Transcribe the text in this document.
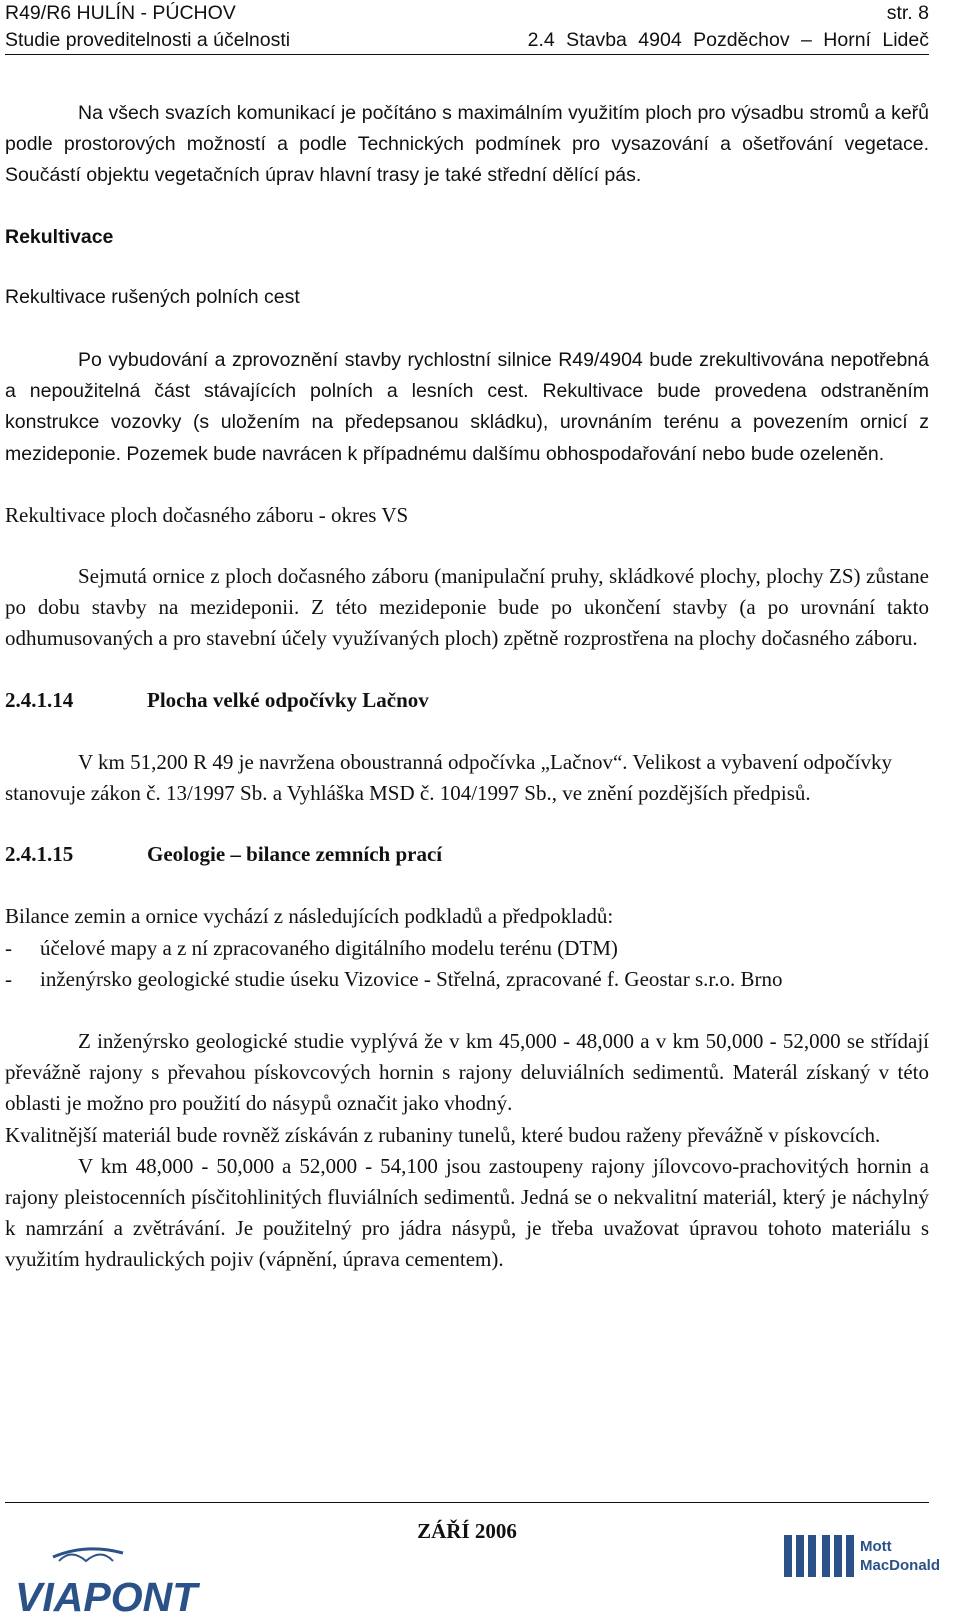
R49/R6 HULÍN - PÚCHOV	str. 8
Studie proveditelnosti a účelnosti	2.4 Stavba 4904 Pozděchov – Horní Lideč

Na všech svazích komunikací je počítáno s maximálním využitím ploch pro výsadbu stromů a keřů podle prostorových možností a podle Technických podmínek pro vysazování a ošetřování vegetace. Součástí objektu vegetačních úprav hlavní trasy je také střední dělící pás.

Rekultivace

Rekultivace rušených polních cest

Po vybudování a zprovoznění stavby rychlostní silnice R49/4904 bude zrekultivována nepotřebná a nepoužitelná část stávajících polních a lesních cest. Rekultivace bude provedena odstraněním konstrukce vozovky (s uložením na předepsanou skládku), urovnáním terénu a povezením ornicí z mezideponie. Pozemek bude navrácen k případnému dalšímu obhospodařování nebo bude ozeleněn.

Rekultivace ploch dočasného záboru - okres VS

Sejmutá ornice z ploch dočasného záboru (manipulační pruhy, skládkové plochy, plochy ZS) zůstane po dobu stavby na mezideponii. Z této mezideponie bude po ukončení stavby (a po urovnání takto odhumusovaných a pro stavební účely využívaných ploch) zpětně rozprostřena na plochy dočasného záboru.

2.4.1.14	Plocha velké odpočívky Lačnov

V km 51,200 R 49 je navržena oboustranná odpočívka „Lačnov“. Velikost a vybavení odpočívky stanovuje zákon č. 13/1997 Sb. a Vyhláška MSD č. 104/1997 Sb., ve znění pozdějších předpisů.

2.4.1.15	Geologie – bilance zemních prací

Bilance zemin a ornice vychází z následujících podkladů a předpokladů:

-	účelové mapy a z ní zpracovaného digitálního modelu terénu (DTM)
-	inženýrsko geologické studie úseku Vizovice - Střelná, zpracované f. Geostar s.r.o. Brno

Z inženýrsko geologické studie vyplývá že v km 45,000 - 48,000 a v km 50,000 - 52,000 se střídají převážně rajony s převahou pískovcových hornin s rajony deluviálních sedimentů. Materál získaný v této oblasti je možno pro použití do násypů označit jako vhodný.

Kvalitnější materiál bude rovněž získáván z rubaniny tunelů, které budou raženy převážně v pískovcích.

V km 48,000 - 50,000 a 52,000 - 54,100 jsou zastoupeny rajony jílovcovo-prachovitých hornin a rajony pleistocenních písčitohlinitých fluviálních sedimentů. Jedná se o nekvalitní materiál, který je náchylný k namrzání a zvětrávání. Je použitelný pro jádra násypů, je třeba uvažovat úpravou tohoto materiálu s využitím hydraulických pojiv (vápnění, úprava cementem).

VIAPONT
ZÁŘÍ 2006
Mott
MacDonald
